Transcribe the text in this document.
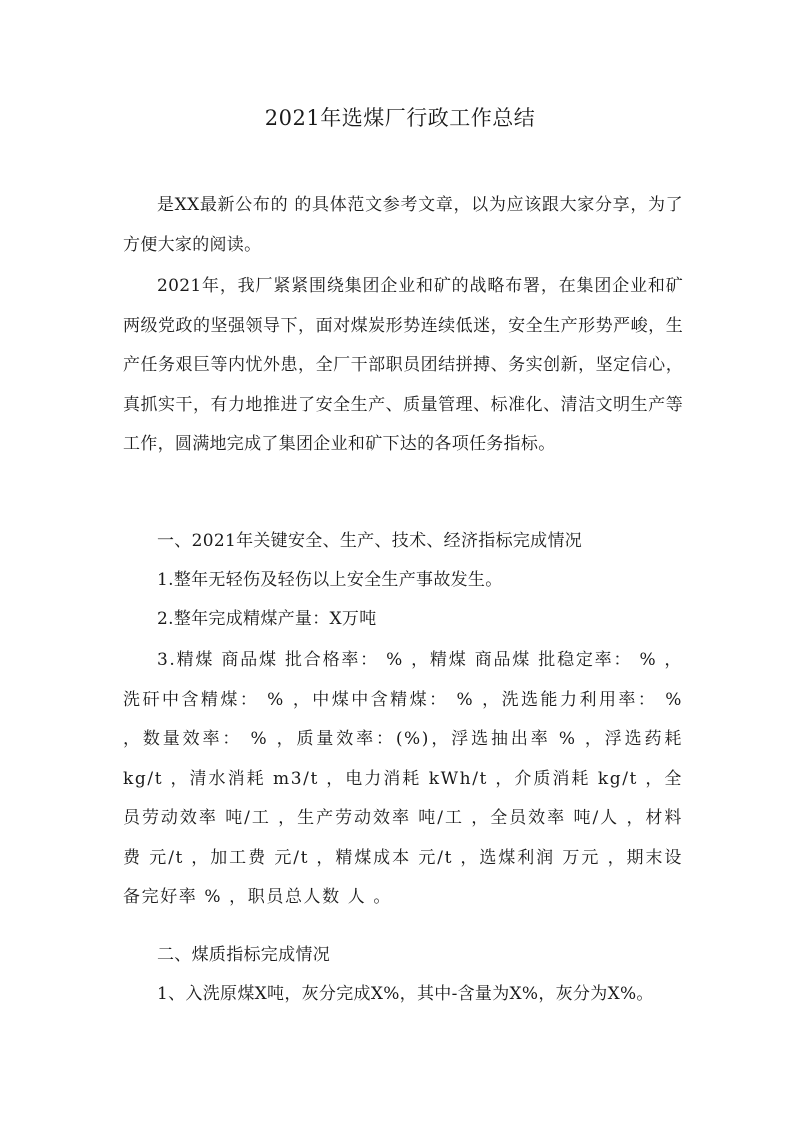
2021年选煤厂行政工作总结

是XX最新公布的 的具体范文参考文章，以为应该跟大家分享，为了方便大家的阅读。

2021年，我厂紧紧围绕集团企业和矿的战略布署，在集团企业和矿两级党政的坚强领导下，面对煤炭形势连续低迷，安全生产形势严峻，生产任务艰巨等内忧外患，全厂干部职员团结拼搏、务实创新，坚定信心，真抓实干，有力地推进了安全生产、质量管理、标准化、清洁文明生产等工作，圆满地完成了集团企业和矿下达的各项任务指标。

一、2021年关键安全、生产、技术、经济指标完成情况

1.整年无轻伤及轻伤以上安全生产事故发生。

2.整年完成精煤产量：X万吨

3.精煤 商品煤 批合格率： % ，精煤 商品煤 批稳定率： % ，洗矸中含精煤： % ，中煤中含精煤： % ，洗选能力利用率： % ，数量效率： % ，质量效率：(%)，浮选抽出率 % ，浮选药耗 kg/t ，清水消耗 m3/t ，电力消耗 kWh/t ，介质消耗 kg/t ，全员劳动效率 吨/工 ，生产劳动效率 吨/工 ，全员效率 吨/人 ，材料费 元/t ，加工费 元/t ，精煤成本 元/t ，选煤利润 万元 ，期末设备完好率 % ，职员总人数 人 。

二、煤质指标完成情况

1、入洗原煤X吨，灰分完成X%，其中-含量为X%，灰分为X%。
